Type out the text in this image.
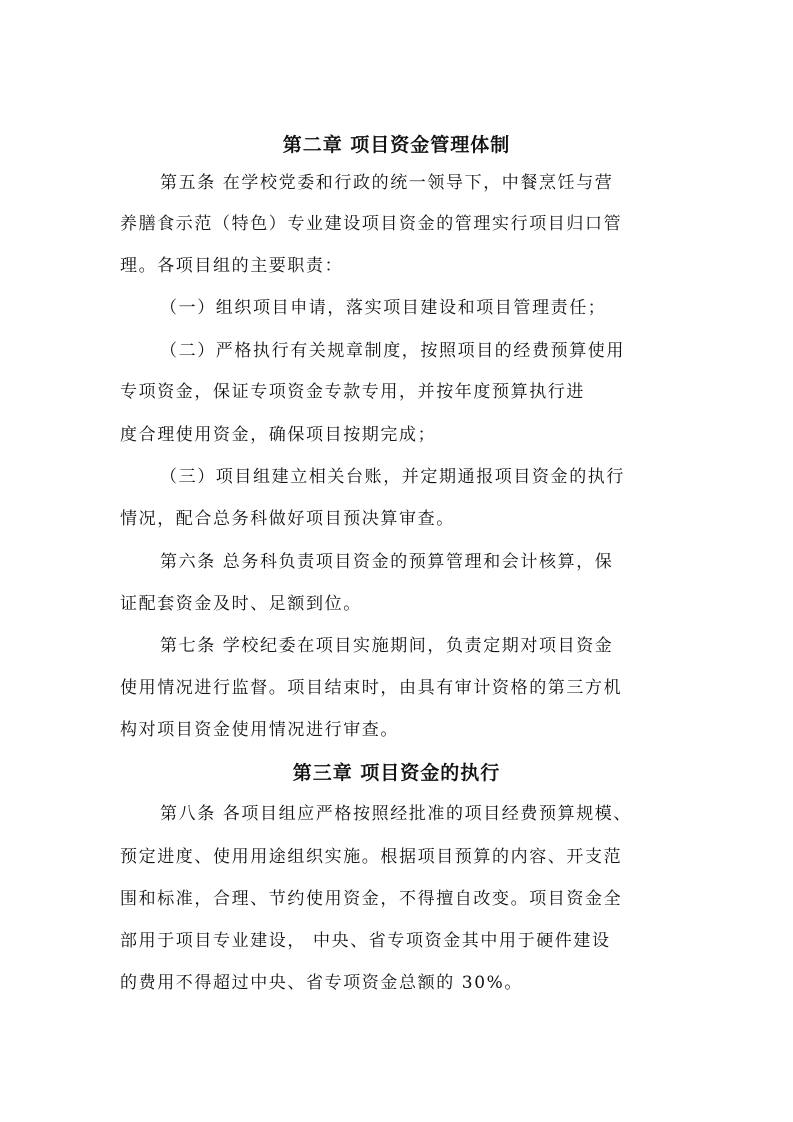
第二章 项目资金管理体制
第五条 在学校党委和行政的统一领导下，中餐烹饪与营
养膳食示范（特色）专业建设项目资金的管理实行项目归口管
理。各项目组的主要职责：
（一）组织项目申请，落实项目建设和项目管理责任；
（二）严格执行有关规章制度，按照项目的经费预算使用
专项资金，保证专项资金专款专用，并按年度预算执行进
度合理使用资金，确保项目按期完成；
（三）项目组建立相关台账，并定期通报项目资金的执行
情况，配合总务科做好项目预决算审查。
第六条 总务科负责项目资金的预算管理和会计核算，保
证配套资金及时、足额到位。
第七条 学校纪委在项目实施期间，负责定期对项目资金
使用情况进行监督。项目结束时，由具有审计资格的第三方机
构对项目资金使用情况进行审查。
第三章 项目资金的执行
第八条 各项目组应严格按照经批准的项目经费预算规模、
预定进度、使用用途组织实施。根据项目预算的内容、开支范
围和标准，合理、节约使用资金，不得擅自改变。项目资金全
部用于项目专业建设， 中央、省专项资金其中用于硬件建设
的费用不得超过中央、省专项资金总额的 30%。
